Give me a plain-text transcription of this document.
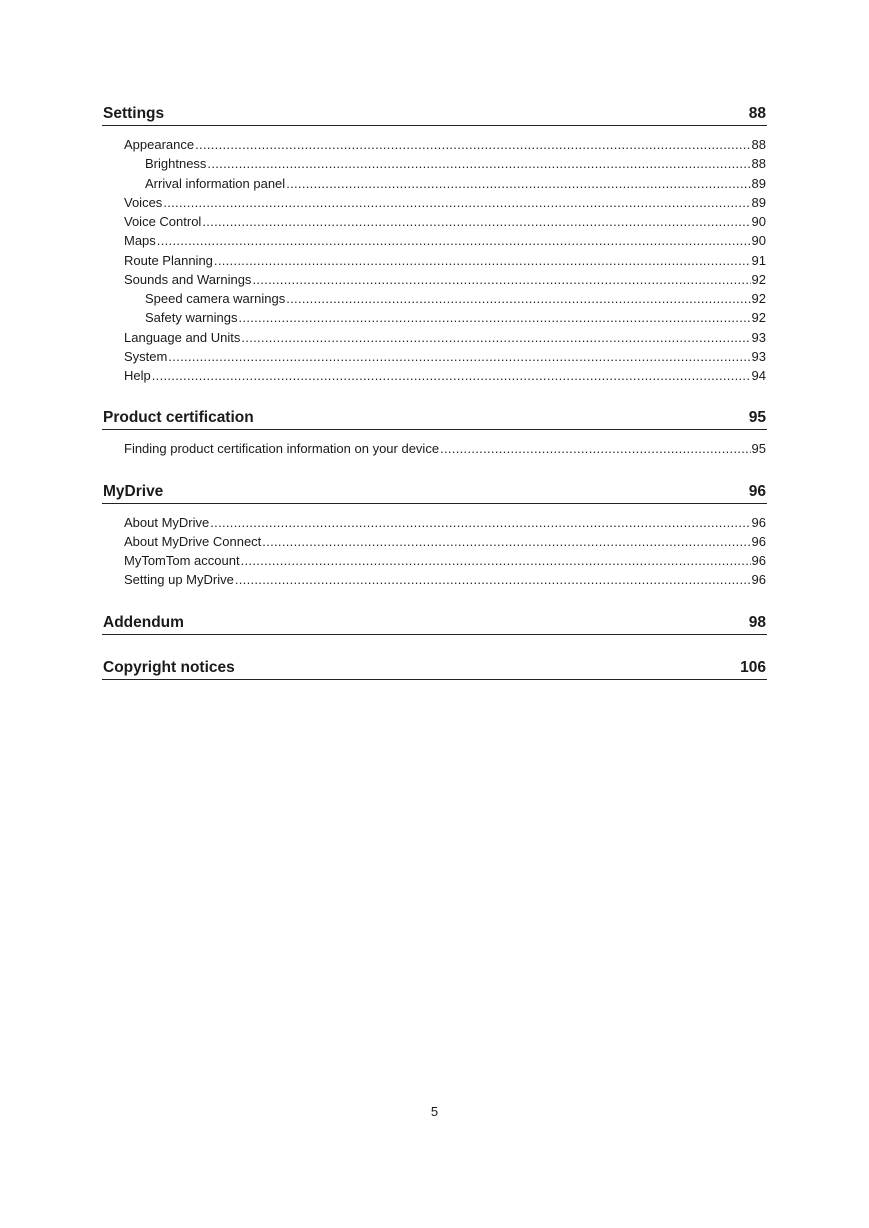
Settings	88
Appearance .....	88
Brightness .....	88
Arrival information panel .....	89
Voices .....	89
Voice Control .....	90
Maps .....	90
Route Planning .....	91
Sounds and Warnings .....	92
Speed camera warnings .....	92
Safety warnings .....	92
Language and Units .....	93
System .....	93
Help .....	94
Product certification	95
Finding product certification information on your device .....	95
MyDrive	96
About MyDrive .....	96
About MyDrive Connect .....	96
MyTomTom account .....	96
Setting up MyDrive .....	96
Addendum	98
Copyright notices	106
5
